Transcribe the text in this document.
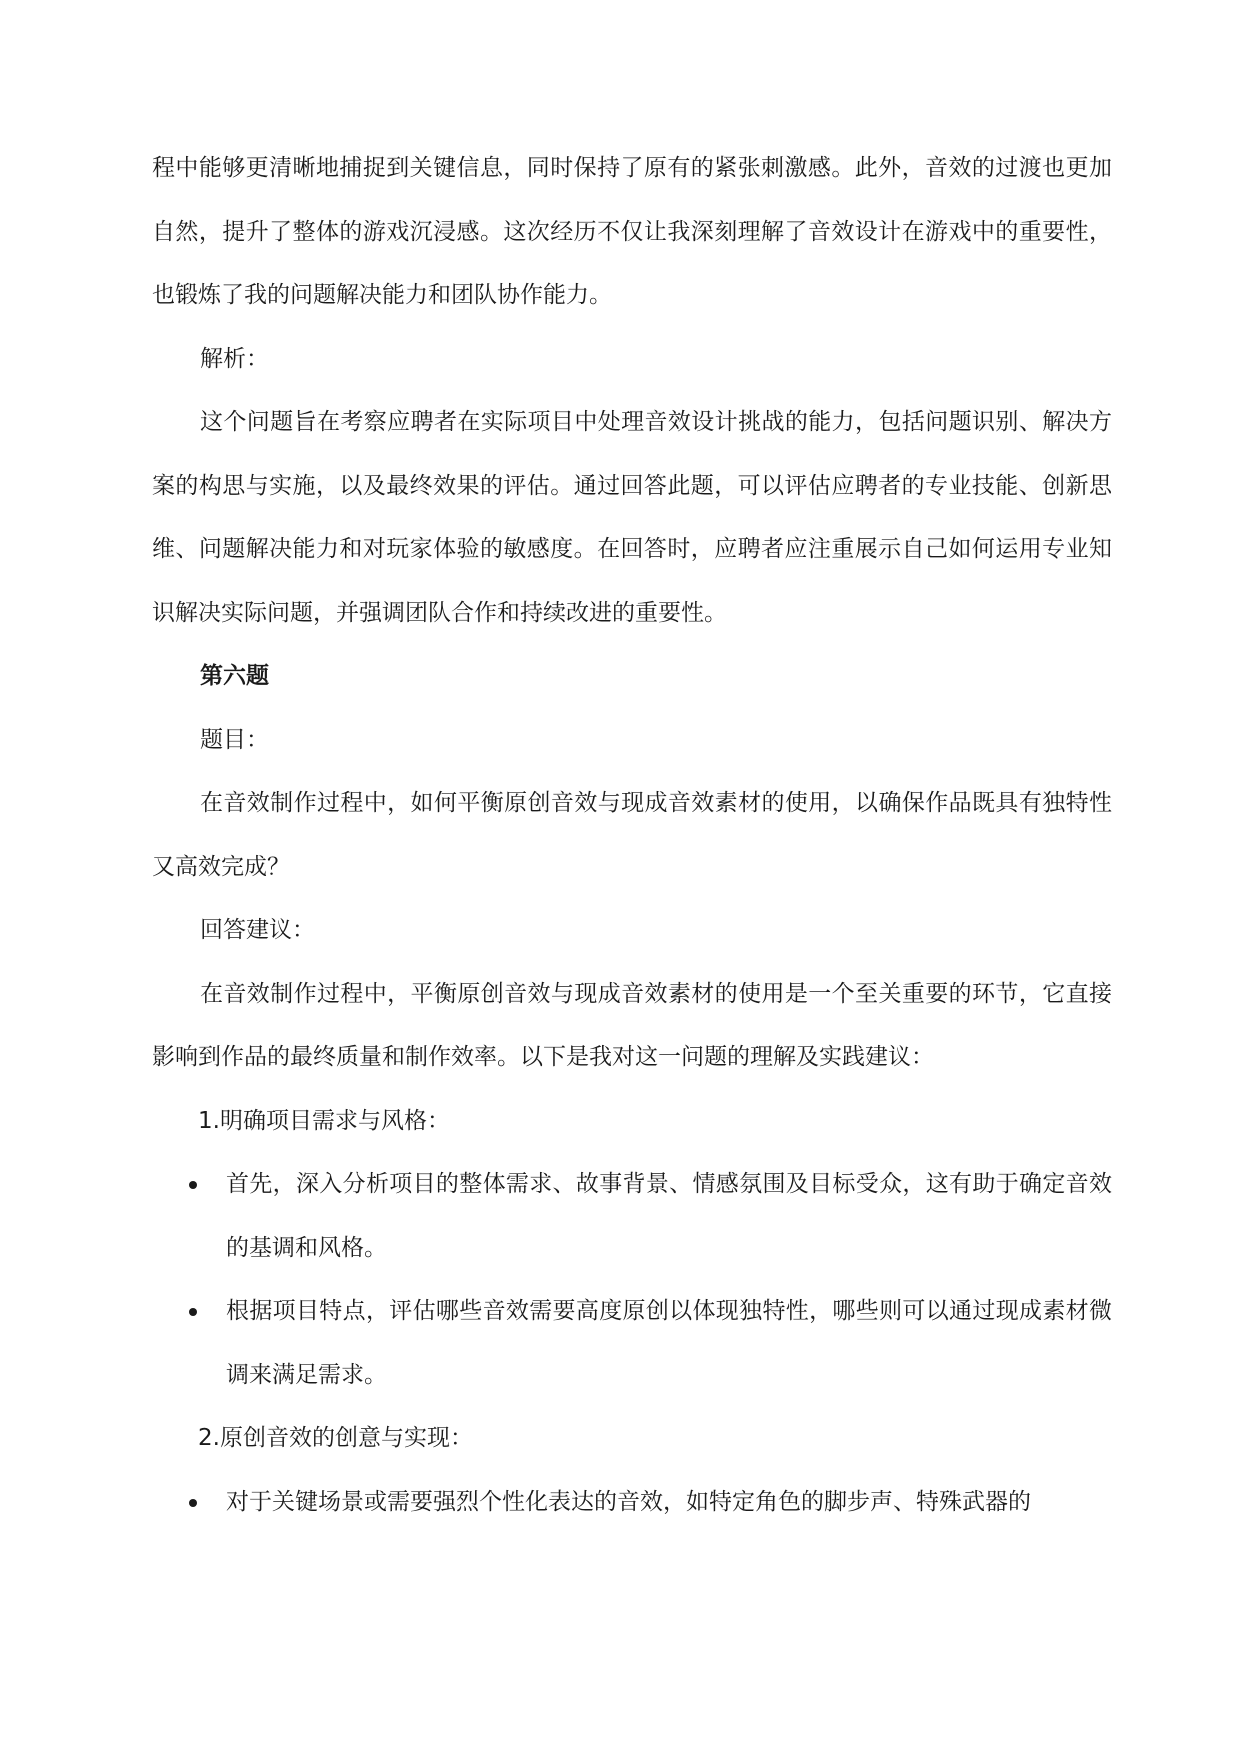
程中能够更清晰地捕捉到关键信息，同时保持了原有的紧张刺激感。此外，音效的过渡也更加自然，提升了整体的游戏沉浸感。这次经历不仅让我深刻理解了音效设计在游戏中的重要性，也锻炼了我的问题解决能力和团队协作能力。

解析：

这个问题旨在考察应聘者在实际项目中处理音效设计挑战的能力，包括问题识别、解决方案的构思与实施，以及最终效果的评估。通过回答此题，可以评估应聘者的专业技能、创新思维、问题解决能力和对玩家体验的敏感度。在回答时，应聘者应注重展示自己如何运用专业知识解决实际问题，并强调团队合作和持续改进的重要性。

第六题

题目：

在音效制作过程中，如何平衡原创音效与现成音效素材的使用，以确保作品既具有独特性又高效完成？

回答建议：

在音效制作过程中，平衡原创音效与现成音效素材的使用是一个至关重要的环节，它直接影响到作品的最终质量和制作效率。以下是我对这一问题的理解及实践建议：

1.明确项目需求与风格：

首先，深入分析项目的整体需求、故事背景、情感氛围及目标受众，这有助于确定音效的基调和风格。
根据项目特点，评估哪些音效需要高度原创以体现独特性，哪些则可以通过现成素材微调来满足需求。

2.原创音效的创意与实现：

对于关键场景或需要强烈个性化表达的音效，如特定角色的脚步声、特殊武器的
